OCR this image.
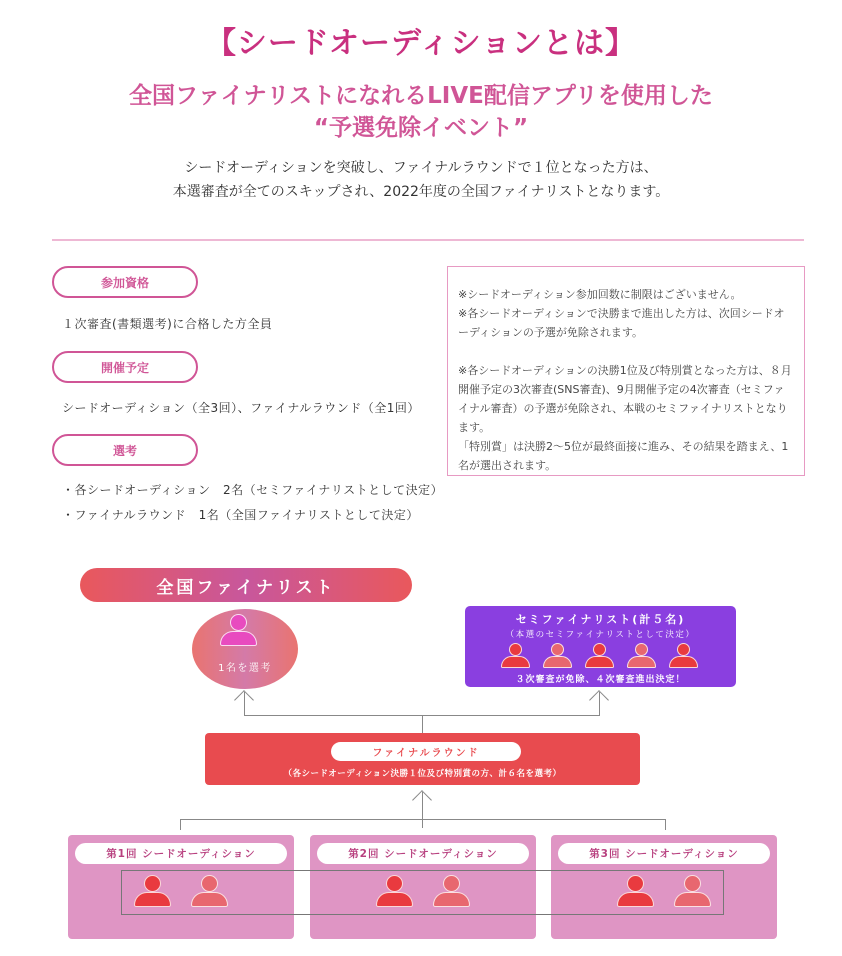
【シードオーディションとは】
全国ファイナリストになれるLIVE配信アプリを使用した
“予選免除イベント”
シードオーディションを突破し、ファイナルラウンドで１位となった方は、
本選審査が全てのスキップされ、2022年度の全国ファイナリストとなります。
参加資格
１次審査(書類選考)に合格した方全員
開催予定
シードオーディション（全3回）、ファイナルラウンド（全1回）
選考
・各シードオーディション　2名（セミファイナリストとして決定）
・ファイナルラウンド　1名（全国ファイナリストとして決定）

※シードオーディション参加回数に制限はございません。

※各シードオーディションで決勝まで進出した方は、次回シードオーディションの予選が免除されます。

※各シードオーディションの決勝1位及び特別賞となった方は、８月開催予定の3次審査(SNS審査)、9月開催予定の4次審査（セミファイナル審査）の予選が免除され、本戦のセミファイナリストとなります。

「特別賞」は決勝2〜5位が最終面接に進み、その結果を踏まえ、1名が選出されます。

全国ファイナリスト
1名を選考
セミファイナリスト(計５名)
（本選のセミファイナリストとして決定）
３次審査が免除、４次審査進出決定！
ファイナルラウンド
（各シードオーディション決勝１位及び特別賞の方、計６名を選考）
第1回 シードオーディション	第2回 シードオーディション	第3回 シードオーディション
